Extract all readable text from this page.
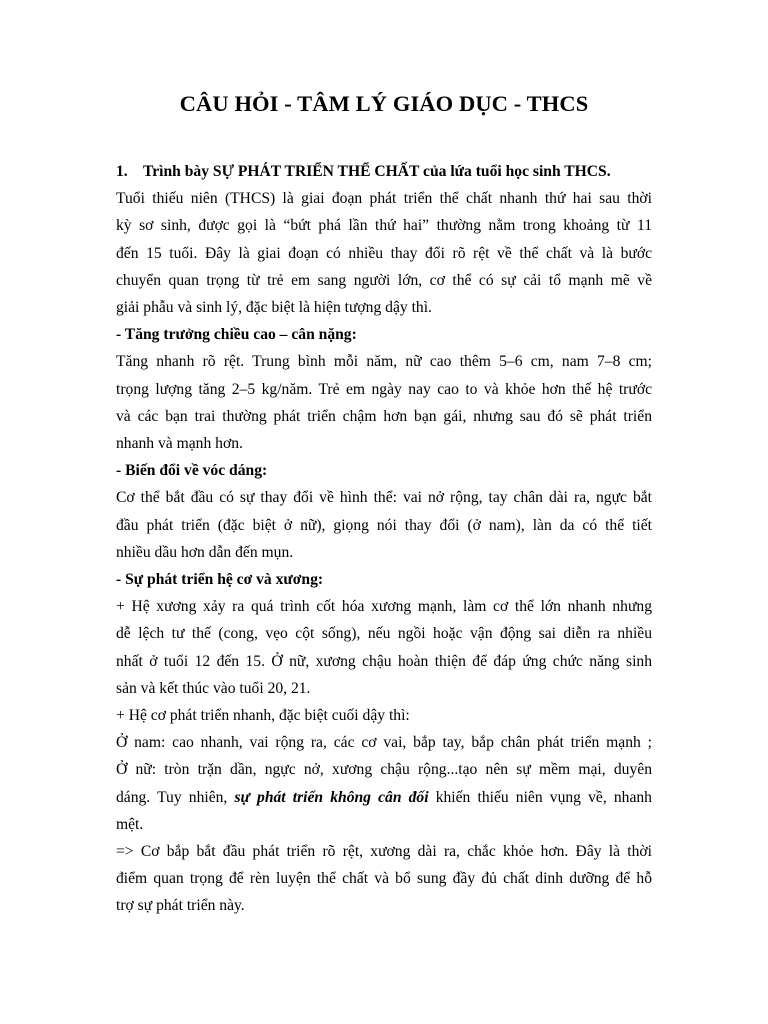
CÂU HỎI - TÂM LÝ GIÁO DỤC - THCS
1. Trình bày SỰ PHÁT TRIỂN THỂ CHẤT của lứa tuổi học sinh THCS.
Tuổi thiếu niên (THCS) là giai đoạn phát triển thể chất nhanh thứ hai sau thời
kỳ sơ sinh, được gọi là “bứt phá lần thứ hai” thường nằm trong khoảng từ 11
đến 15 tuổi. Đây là giai đoạn có nhiều thay đổi rõ rệt về thể chất và là bước
chuyển quan trọng từ trẻ em sang người lớn, cơ thể có sự cải tổ mạnh mẽ về
giải phẫu và sinh lý, đặc biệt là hiện tượng dậy thì.

- Tăng trưởng chiều cao – cân nặng:

Tăng nhanh rõ rệt. Trung bình mỗi năm, nữ cao thêm 5–6 cm, nam 7–8 cm;
trọng lượng tăng 2–5 kg/năm. Trẻ em ngày nay cao to và khỏe hơn thế hệ trước
và các bạn trai thường phát triển chậm hơn bạn gái, nhưng sau đó sẽ phát triển
nhanh và mạnh hơn.

- Biến đổi về vóc dáng:

Cơ thể bắt đầu có sự thay đổi về hình thể: vai nở rộng, tay chân dài ra, ngực bắt
đầu phát triển (đặc biệt ở nữ), giọng nói thay đổi (ở nam), làn da có thể tiết
nhiều dầu hơn dẫn đến mụn.

- Sự phát triển hệ cơ và xương:

+ Hệ xương xảy ra quá trình cốt hóa xương mạnh, làm cơ thể lớn nhanh nhưng
dễ lệch tư thế (cong, vẹo cột sống), nếu ngồi hoặc vận động sai diễn ra nhiều
nhất ở tuổi 12 đến 15. Ở nữ, xương chậu hoàn thiện để đáp ứng chức năng sinh
sản và kết thúc vào tuổi 20, 21.
+ Hệ cơ phát triển nhanh, đặc biệt cuối dậy thì:
Ở nam: cao nhanh, vai rộng ra, các cơ vai, bắp tay, bắp chân phát triển mạnh ;
Ở nữ: tròn trặn dần, ngực nở, xương chậu rộng...tạo nên sự mềm mại, duyên
dáng. Tuy nhiên, sự phát triển không cân đối khiến thiếu niên vụng về, nhanh
mệt.
=> Cơ bắp bắt đầu phát triển rõ rệt, xương dài ra, chắc khỏe hơn. Đây là thời
điểm quan trọng để rèn luyện thể chất và bổ sung đầy đủ chất dinh dưỡng để hỗ
trợ sự phát triển này.
